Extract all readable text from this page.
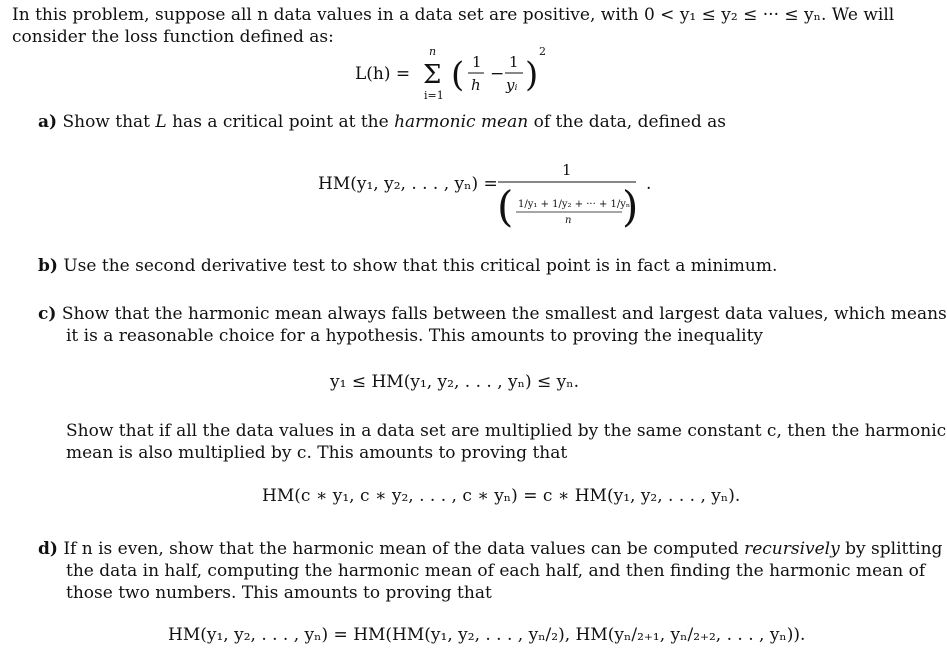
In this problem, suppose all n data values in a data set are positive, with 0 < y₁ ≤ y₂ ≤ ··· ≤ yₙ. We will
consider the loss function defined as:
L(h) =
n
Σ
i=1
( 1
h
−
1
yᵢ )
2
a) Show that L has a critical point at the harmonic mean of the data, defined as
HM(y₁, y₂, . . . , yₙ) =
1
( 1/y₁ + 1/y₂ + ··· + 1/yₙ
n ) .
b) Use the second derivative test to show that this critical point is in fact a minimum.
c) Show that the harmonic mean always falls between the smallest and largest data values, which means
it is a reasonable choice for a hypothesis. This amounts to proving the inequality
y₁ ≤ HM(y₁, y₂, . . . , yₙ) ≤ yₙ.
Show that if all the data values in a data set are multiplied by the same constant c, then the harmonic
mean is also multiplied by c. This amounts to proving that
HM(c ∗ y₁, c ∗ y₂, . . . , c ∗ yₙ) = c ∗ HM(y₁, y₂, . . . , yₙ).
d) If n is even, show that the harmonic mean of the data values can be computed recursively by splitting
the data in half, computing the harmonic mean of each half, and then finding the harmonic mean of
those two numbers. This amounts to proving that
HM(y₁, y₂, . . . , yₙ) = HM(HM(y₁, y₂, . . . , yₙ/₂), HM(yₙ/₂₊₁, yₙ/₂₊₂, . . . , yₙ)).
